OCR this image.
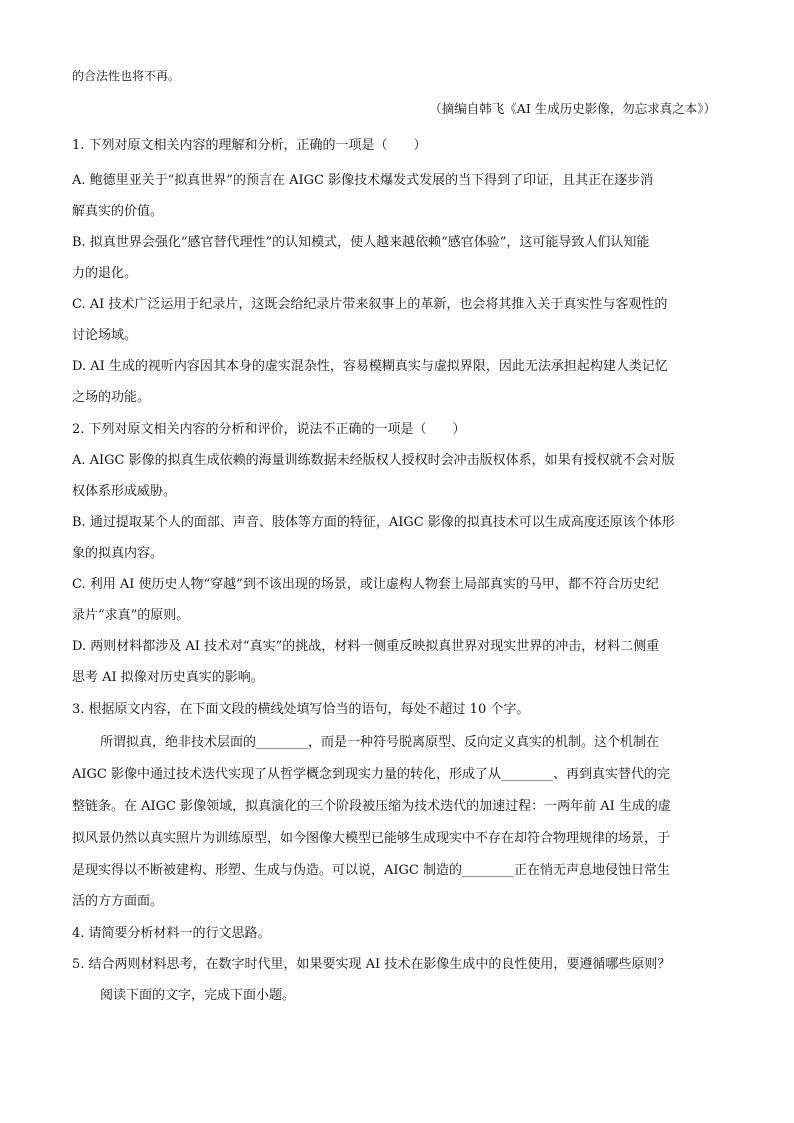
的合法性也将不再。
（摘编自韩飞《AI 生成历史影像，勿忘求真之本》）
1. 下列对原文相关内容的理解和分析，正确的一项是（　　）
A. 鲍德里亚关于“拟真世界”的预言在 AIGC 影像技术爆发式发展的当下得到了印证，且其正在逐步消
解真实的价值。
B. 拟真世界会强化“感官替代理性”的认知模式，使人越来越依赖“感官体验”，这可能导致人们认知能
力的退化。
C. AI 技术广泛运用于纪录片，这既会给纪录片带来叙事上的革新，也会将其推入关于真实性与客观性的
讨论场域。
D. AI 生成的视听内容因其本身的虚实混杂性，容易模糊真实与虚拟界限，因此无法承担起构建人类记忆
之场的功能。
2. 下列对原文相关内容的分析和评价，说法不正确的一项是（　　）
A. AIGC 影像的拟真生成依赖的海量训练数据未经版权人授权时会冲击版权体系，如果有授权就不会对版
权体系形成威胁。
B. 通过提取某个人的面部、声音、肢体等方面的特征，AIGC 影像的拟真技术可以生成高度还原该个体形
象的拟真内容。
C. 利用 AI 使历史人物“穿越”到不该出现的场景，或让虚构人物套上局部真实的马甲，都不符合历史纪
录片“求真”的原则。
D. 两则材料都涉及 AI 技术对“真实”的挑战，材料一侧重反映拟真世界对现实世界的冲击，材料二侧重
思考 AI 拟像对历史真实的影响。
3. 根据原文内容，在下面文段的横线处填写恰当的语句，每处不超过 10 个字。
所谓拟真，绝非技术层面的________，而是一种符号脱离原型、反向定义真实的机制。这个机制在
AIGC 影像中通过技术迭代实现了从哲学概念到现实力量的转化，形成了从________、再到真实替代的完
整链条。在 AIGC 影像领域，拟真演化的三个阶段被压缩为技术迭代的加速过程：一两年前 AI 生成的虚
拟风景仍然以真实照片为训练原型，如今图像大模型已能够生成现实中不存在却符合物理规律的场景，于
是现实得以不断被建构、形塑、生成与伪造。可以说，AIGC 制造的________正在悄无声息地侵蚀日常生
活的方方面面。
4. 请简要分析材料一的行文思路。
5. 结合两则材料思考，在数字时代里，如果要实现 AI 技术在影像生成中的良性使用，要遵循哪些原则？
阅读下面的文字，完成下面小题。
